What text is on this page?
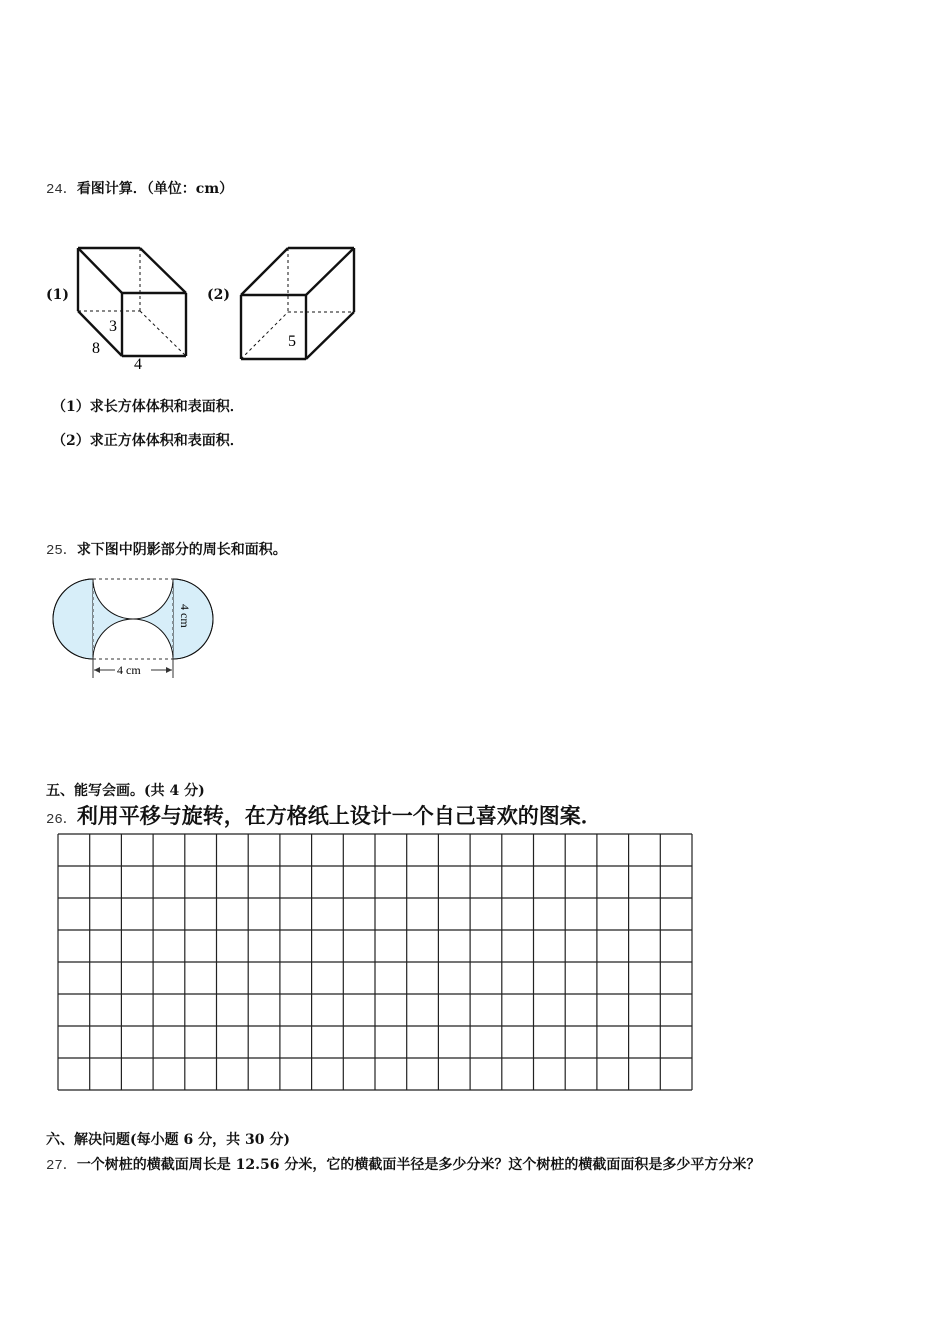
24．看图计算．（单位：cm）
(1)	(2)
3
8
4
5
（1）求长方体体积和表面积．
（2）求正方体体积和表面积．
25．求下图中阴影部分的周长和面积。
4 cm
4 cm
五、能写会画。(共 4 分)
26．利用平移与旋转，在方格纸上设计一个自己喜欢的图案．
六、解决问题(每小题 6 分，共 30 分)
27．一个树桩的横截面周长是 12.56 分米，它的横截面半径是多少分米？这个树桩的横截面面积是多少平方分米？
